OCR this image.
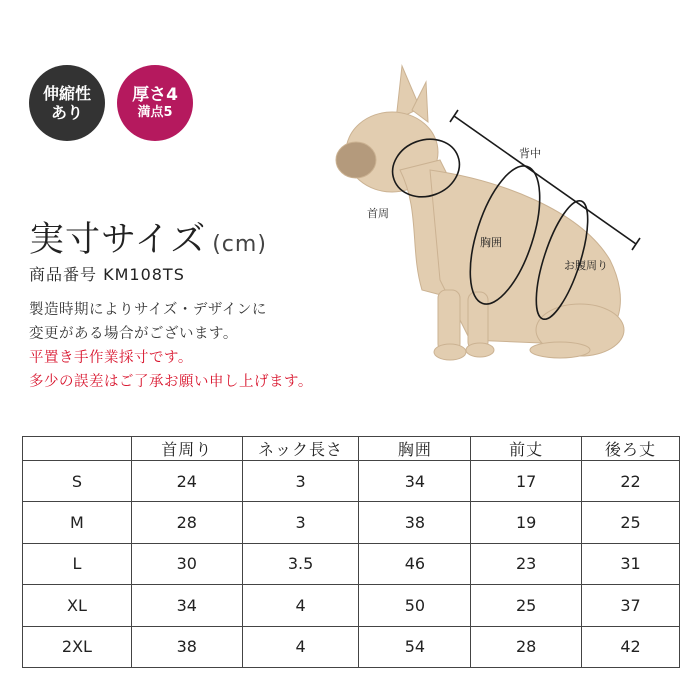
伸縮性
あり
厚さ4
満点5
実寸サイズ (cm)
商品番号 KM108TS
製造時期によりサイズ・デザインに
変更がある場合がございます。
平置き手作業採寸です。
多少の誤差はご了承お願い申し上げます。
背中
首周
胸囲
お腹周り
	首周り	ネック長さ	胸囲	前丈	後ろ丈
S	24	3	34	17	22
M	28	3	38	19	25
L	30	3.5	46	23	31
XL	34	4	50	25	37
2XL	38	4	54	28	42
